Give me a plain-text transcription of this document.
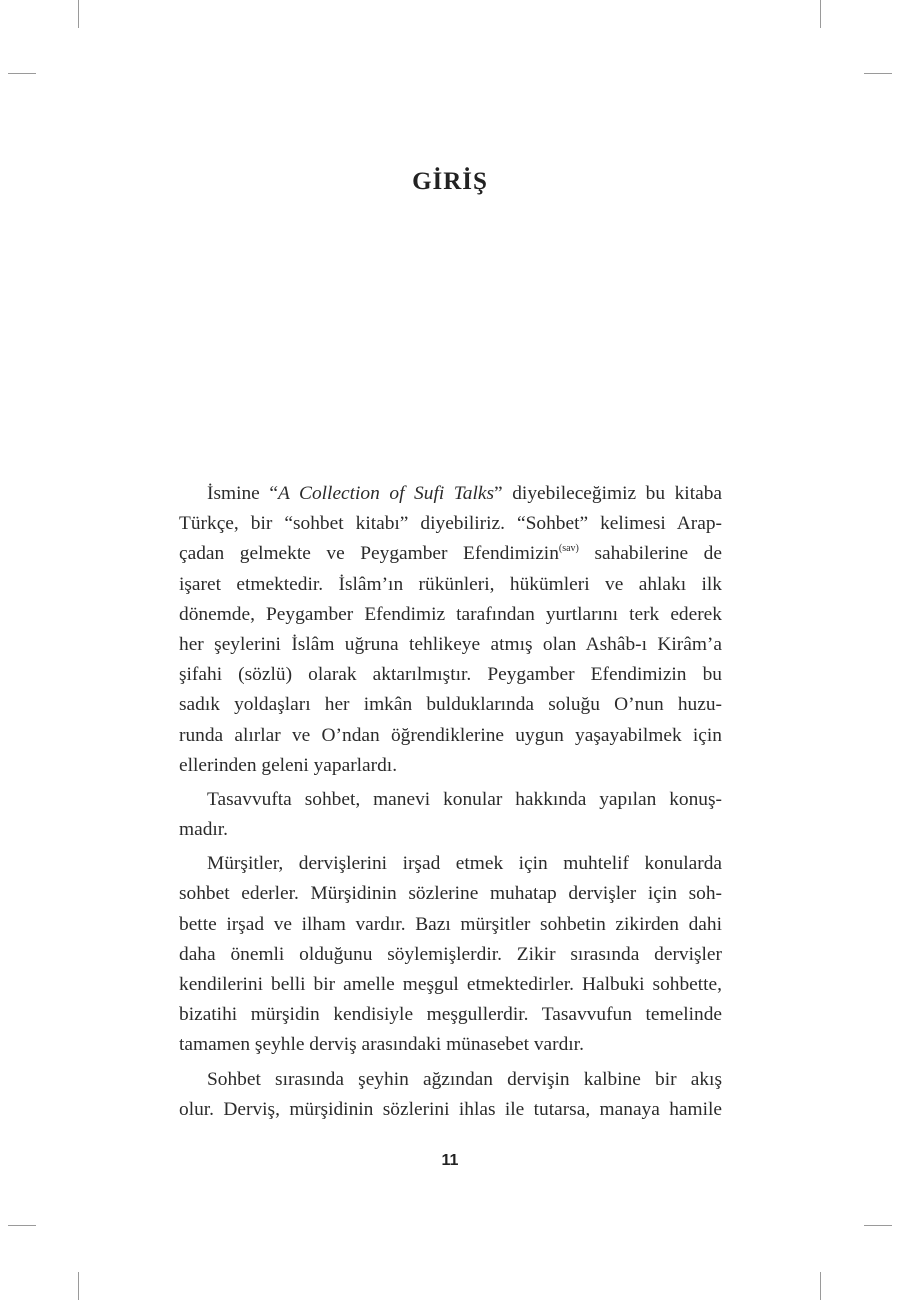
GİRİŞ
İsmine “A Collection of Sufi Talks” diyebileceğimiz bu kitaba
Türkçe, bir “sohbet kitabı” diyebiliriz. “Sohbet” kelimesi Arap-
çadan gelmekte ve Peygamber Efendimizin$^{(sav)}$ sahabilerine de
işaret etmektedir. İslâm’ın rükünleri, hükümleri ve ahlakı ilk
dönemde, Peygamber Efendimiz tarafından yurtlarını terk ederek
her şeylerini İslâm uğruna tehlikeye atmış olan Ashâb-ı Kirâm’a
şifahi (sözlü) olarak aktarılmıştır. Peygamber Efendimizin bu
sadık yoldaşları her imkân bulduklarında soluğu O’nun huzu-
runda alırlar ve O’ndan öğrendiklerine uygun yaşayabilmek için
ellerinden geleni yaparlardı.
Tasavvufta sohbet, manevi konular hakkında yapılan konuş-
madır.
Mürşitler, dervişlerini irşad etmek için muhtelif konularda
sohbet ederler. Mürşidinin sözlerine muhatap dervişler için soh-
bette irşad ve ilham vardır. Bazı mürşitler sohbetin zikirden dahi
daha önemli olduğunu söylemişlerdir. Zikir sırasında dervişler
kendilerini belli bir amelle meşgul etmektedirler. Halbuki sohbette,
bizatihi mürşidin kendisiyle meşgullerdir. Tasavvufun temelinde
tamamen şeyhle derviş arasındaki münasebet vardır.
Sohbet sırasında şeyhin ağzından dervişin kalbine bir akış
olur. Derviş, mürşidinin sözlerini ihlas ile tutarsa, manaya hamile
11
